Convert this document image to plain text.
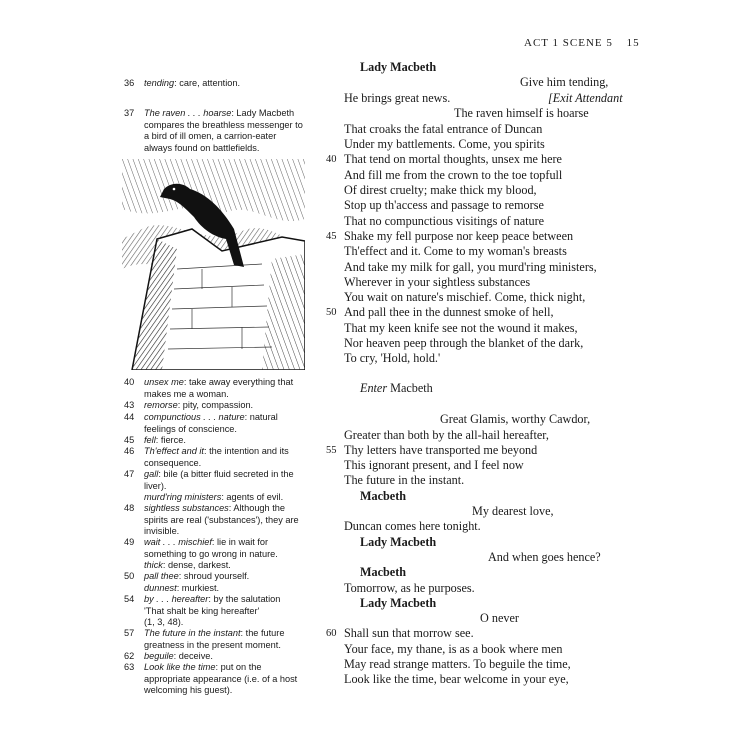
ACT 1 SCENE 5 15
36	tending: care, attention.
37	The raven . . . hoarse: Lady Macbeth
compares the breathless messenger to
a bird of ill omen, a carrion-eater
always found on battlefields.
40	unsex me: take away everything that
makes me a woman.
43	remorse: pity, compassion.
44	compunctious . . . nature: natural
feelings of conscience.
45	fell: fierce.
46	Th'effect and it: the intention and its
consequence.
47	gall: bile (a bitter fluid secreted in the
liver).
murd'ring ministers: agents of evil.
48	sightless substances: Although the
spirits are real ('substances'), they are
invisible.
49	wait . . . mischief: lie in wait for
something to go wrong in nature.
thick: dense, darkest.
50	pall thee: shroud yourself.
dunnest: murkiest.
54	by . . . hereafter: by the salutation
'That shalt be king hereafter'
(1, 3, 48).
57	The future in the instant: the future
greatness in the present moment.
62	beguile: deceive.
63	Look like the time: put on the
appropriate appearance (i.e. of a host
welcoming his guest).
Lady Macbeth
Give him tending,
He brings great news.	[Exit Attendant
The raven himself is hoarse
That croaks the fatal entrance of Duncan
Under my battlements. Come, you spirits
40 That tend on mortal thoughts, unsex me here
And fill me from the crown to the toe topfull
Of direst cruelty; make thick my blood,
Stop up th'access and passage to remorse
That no compunctious visitings of nature
45 Shake my fell purpose nor keep peace between
Th'effect and it. Come to my woman's breasts
And take my milk for gall, you murd'ring ministers,
Wherever in your sightless substances
You wait on nature's mischief. Come, thick night,
50 And pall thee in the dunnest smoke of hell,
That my keen knife see not the wound it makes,
Nor heaven peep through the blanket of the dark,
To cry, 'Hold, hold.'
Enter Macbeth
Great Glamis, worthy Cawdor,
Greater than both by the all-hail hereafter,
55 Thy letters have transported me beyond
This ignorant present, and I feel now
The future in the instant.
Macbeth
My dearest love,
Duncan comes here tonight.
Lady Macbeth
And when goes hence?
Macbeth
Tomorrow, as he purposes.
Lady Macbeth
O never
60 Shall sun that morrow see.
Your face, my thane, is as a book where men
May read strange matters. To beguile the time,
Look like the time, bear welcome in your eye,
